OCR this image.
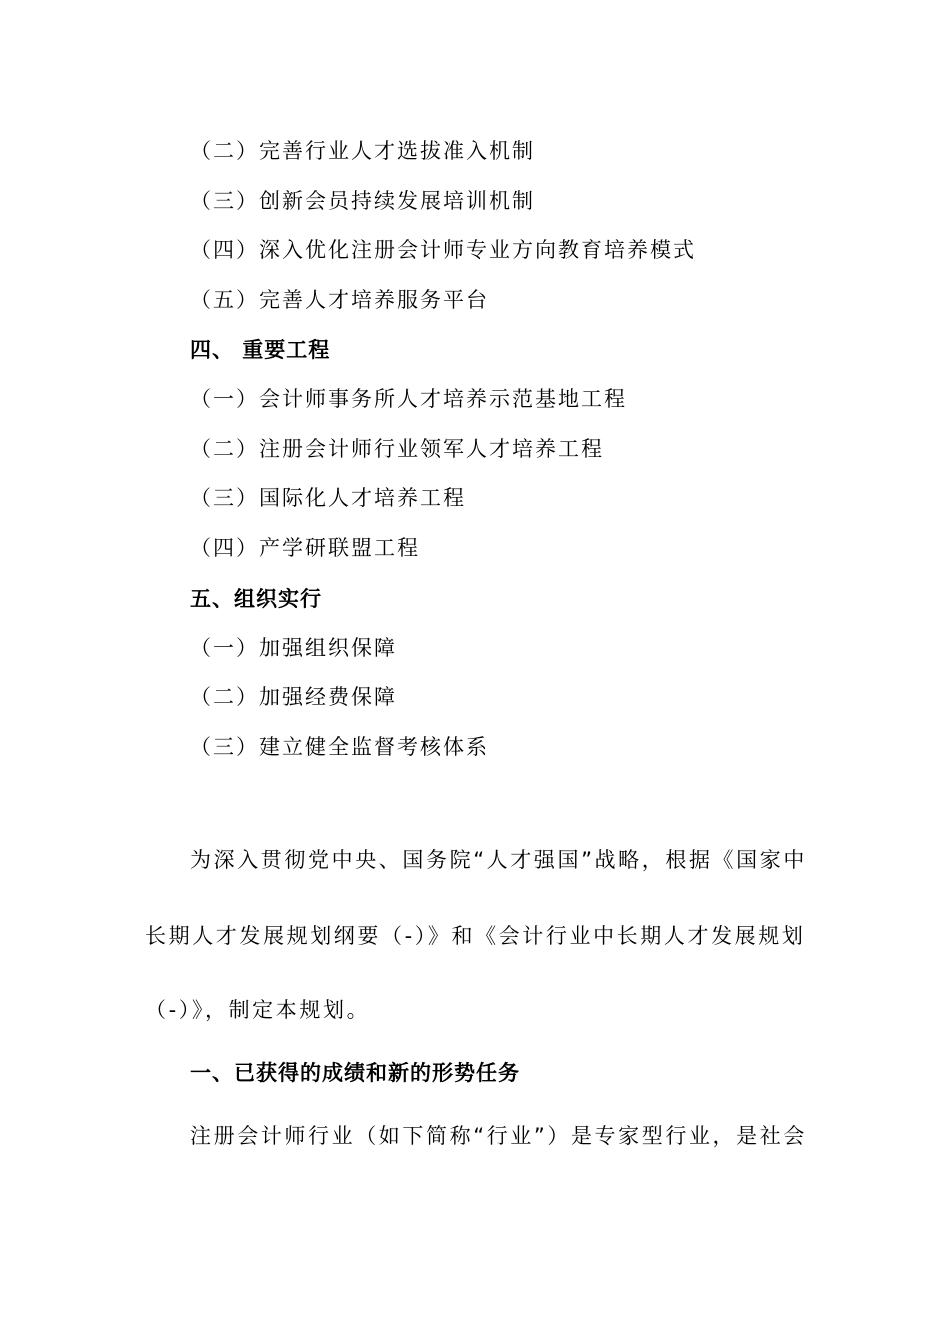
（二）完善行业人才选拔准入机制
（三）创新会员持续发展培训机制
（四）深入优化注册会计师专业方向教育培养模式
（五）完善人才培养服务平台
四、 重要工程
（一）会计师事务所人才培养示范基地工程
（二）注册会计师行业领军人才培养工程
（三）国际化人才培养工程
（四）产学研联盟工程
五、组织实行
（一）加强组织保障
（二）加强经费保障
（三）建立健全监督考核体系
为深入贯彻党中央、国务院“人才强国”战略，根据《国家中
长期人才发展规划纲要（-）》和《会计行业中长期人才发展规划
（-）》，制定本规划。
一、已获得的成绩和新的形势任务
注册会计师行业（如下简称“行业”）是专家型行业，是社会
